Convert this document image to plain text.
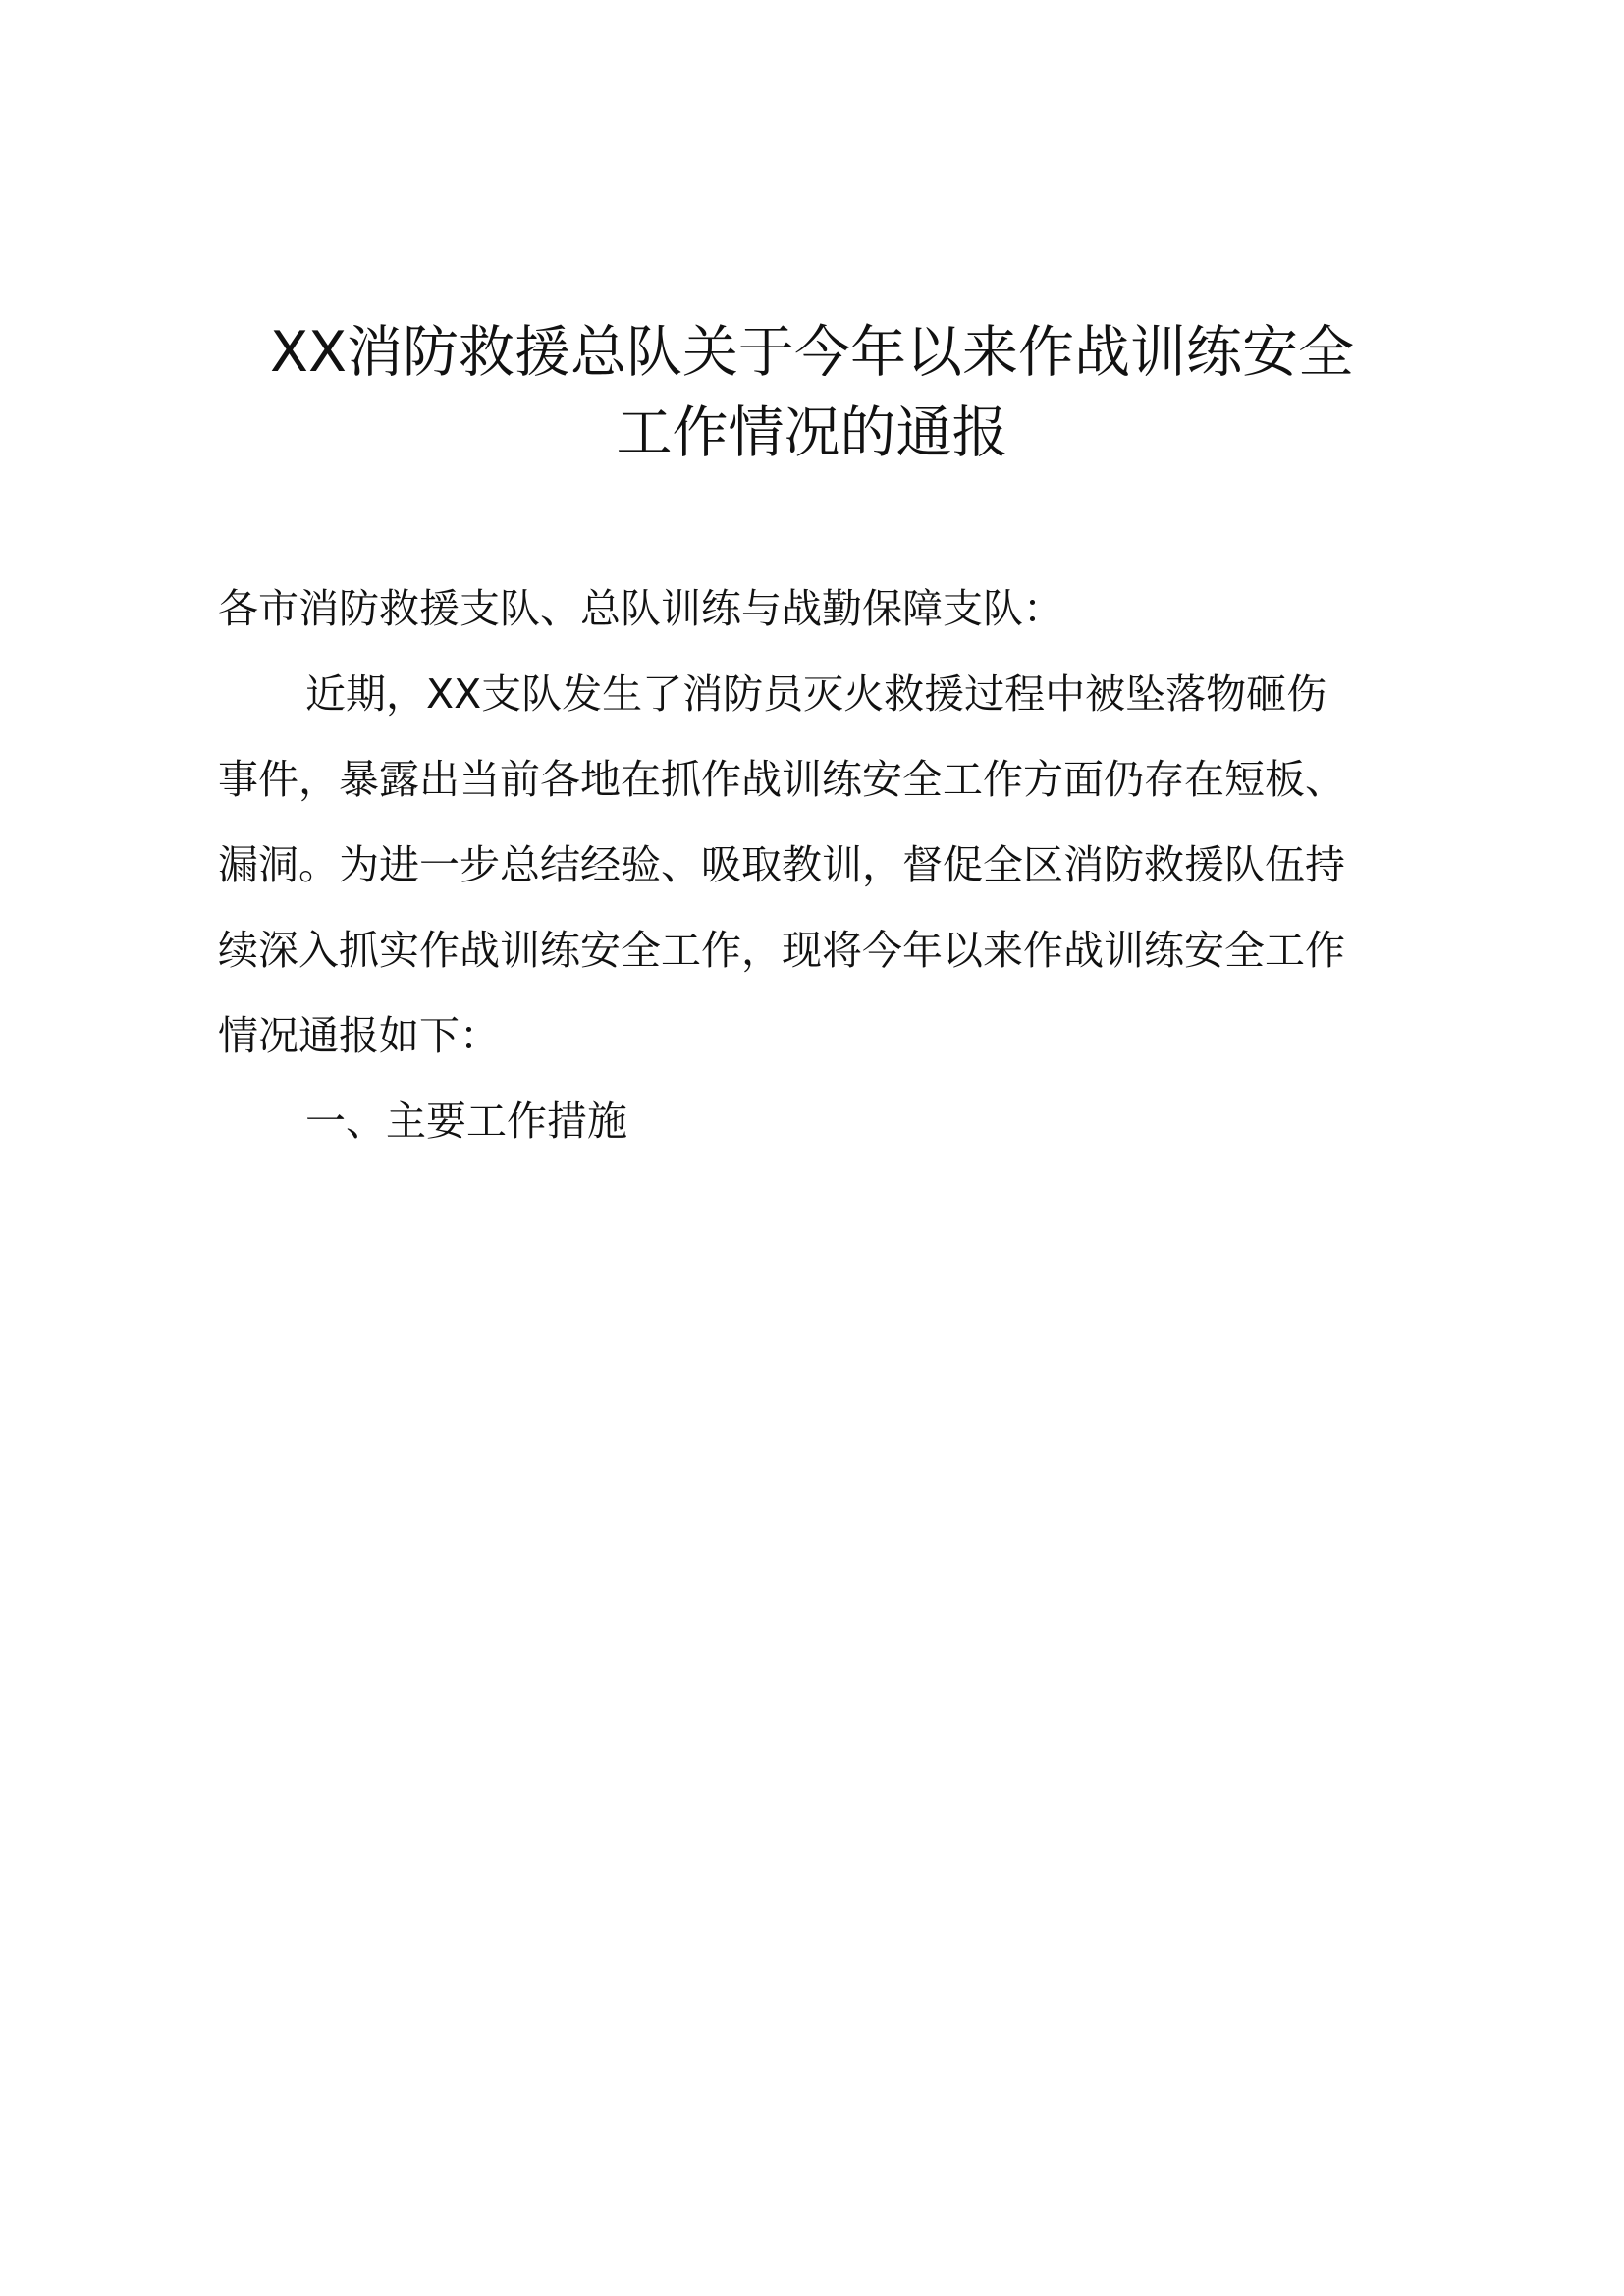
XX消防救援总队关于今年以来作战训练安全
工作情况的通报

各市消防救援支队、总队训练与战勤保障支队：

近期，XX支队发生了消防员灭火救援过程中被坠落物砸伤

事件，暴露出当前各地在抓作战训练安全工作方面仍存在短板、

漏洞。为进一步总结经验、吸取教训，督促全区消防救援队伍持

续深入抓实作战训练安全工作，现将今年以来作战训练安全工作

情况通报如下：

一、主要工作措施
